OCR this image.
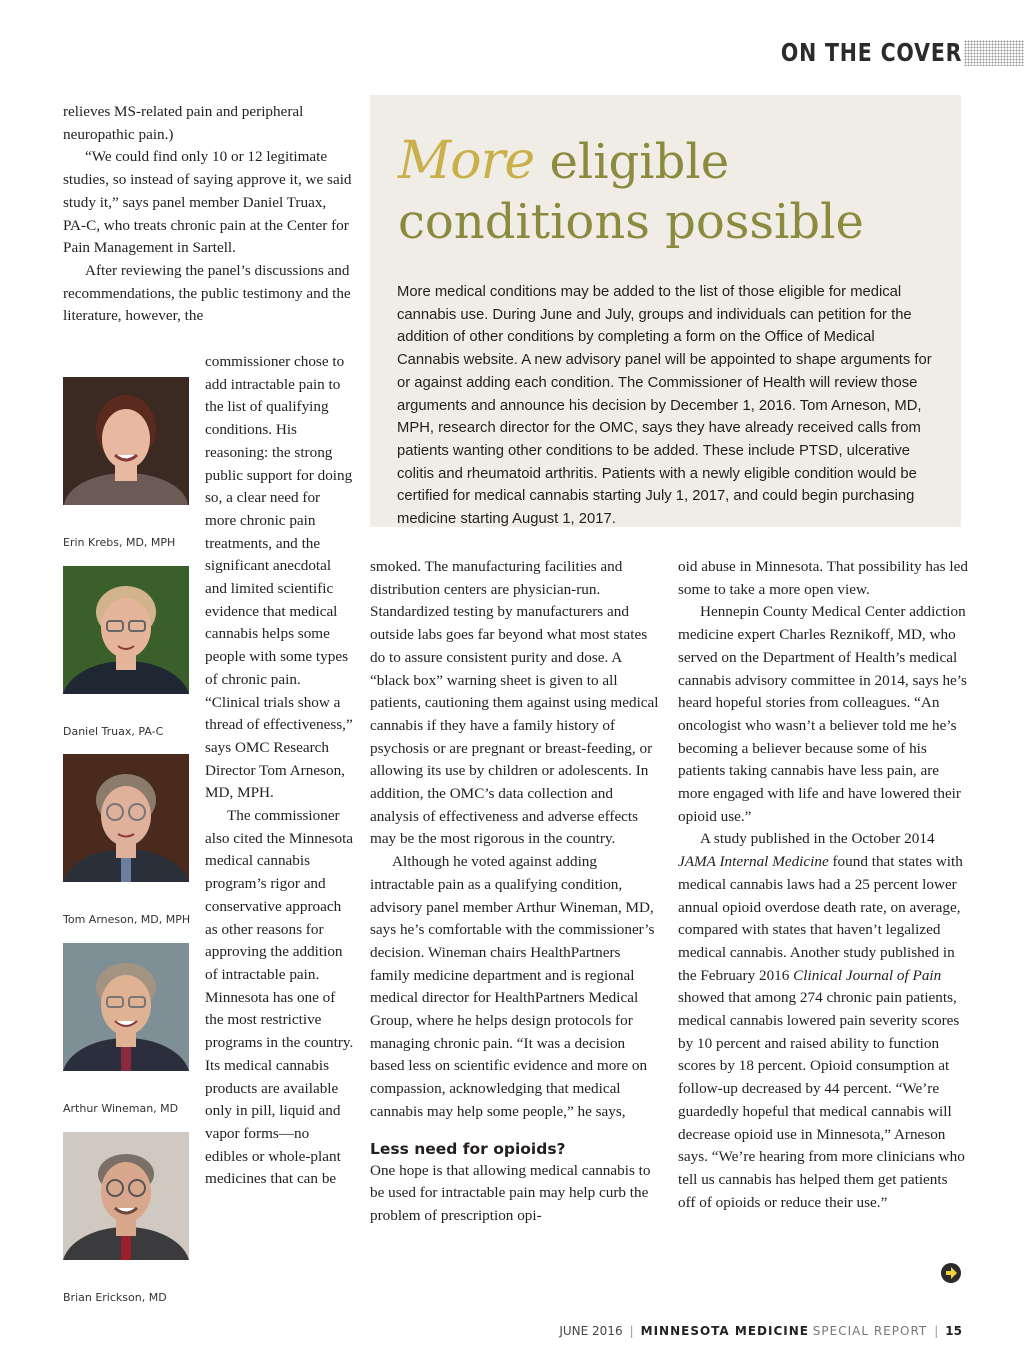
ON THE COVER

relieves MS-related pain and peripheral neuropathic pain.)

“We could find only 10 or 12 legitimate studies, so instead of saying approve it, we said study it,” says panel member Daniel Truax, PA-C, who treats chronic pain at the Center for Pain Management in Sartell.

After reviewing the panel’s discussions and recommendations, the public testimony and the literature, however, the

commissioner chose to add intractable pain to the list of qualifying conditions. His reasoning: the strong public support for doing so, a clear need for more chronic pain treatments, and the significant anecdotal and limited scientific evidence that medical cannabis helps some people with some types of chronic pain. “Clinical trials show a thread of effectiveness,” says OMC Research Director Tom Arneson, MD, MPH.

The commissioner also cited the Minnesota medical cannabis program’s rigor and conservative approach as other reasons for approving the addition of intractable pain. Minnesota has one of the most restrictive programs in the country. Its medical cannabis products are available only in pill, liquid and vapor forms—no edibles or whole-plant medicines that can be

Erin Krebs, MD, MPH
Daniel Truax, PA-C
Tom Arneson, MD, MPH
Arthur Wineman, MD
Brian Erickson, MD
More eligible
conditions possible
More medical conditions may be added to the list of those eligible for medical cannabis use. During June and July, groups and individuals can petition for the addition of other conditions by completing a form on the Office of Medical Cannabis website. A new advisory panel will be appointed to shape arguments for or against adding each condition. The Commissioner of Health will review those arguments and announce his decision by December 1, 2016. Tom Arneson, MD, MPH, research director for the OMC, says they have already received calls from patients wanting other conditions to be added. These include PTSD, ulcerative colitis and rheumatoid arthritis. Patients with a newly eligible condition would be certified for medical cannabis starting July 1, 2017, and could begin purchasing medicine starting August 1, 2017.

smoked. The manufacturing facilities and distribution centers are physician-run. Standardized testing by manufacturers and outside labs goes far beyond what most states do to assure consistent purity and dose. A “black box” warning sheet is given to all patients, cautioning them against using medical cannabis if they have a family history of psychosis or are pregnant or breast-feeding, or allowing its use by children or adolescents. In addition, the OMC’s data collection and analysis of effectiveness and adverse effects may be the most rigorous in the country.

Although he voted against adding intractable pain as a qualifying condition, advisory panel member Arthur Wineman, MD, says he’s comfortable with the commissioner’s decision. Wineman chairs HealthPartners family medicine department and is regional medical director for HealthPartners Medical Group, where he helps design protocols for managing chronic pain. “It was a decision based less on scientific evidence and more on compassion, acknowledging that medical cannabis may help some people,” he says,

Less need for opioids?

One hope is that allowing medical cannabis to be used for intractable pain may help curb the problem of prescription opi-

oid abuse in Minnesota. That possibility has led some to take a more open view.

Hennepin County Medical Center addiction medicine expert Charles Reznikoff, MD, who served on the Department of Health’s medical cannabis advisory committee in 2014, says he’s heard hopeful stories from colleagues. “An oncologist who wasn’t a believer told me he’s becoming a believer because some of his patients taking cannabis have less pain, are more engaged with life and have lowered their opioid use.”

A study published in the October 2014 JAMA Internal Medicine found that states with medical cannabis laws had a 25 percent lower annual opioid overdose death rate, on average, compared with states that haven’t legalized medical cannabis. Another study published in the February 2016 Clinical Journal of Pain showed that among 274 chronic pain patients, medical cannabis lowered pain severity scores by 10 percent and raised ability to function scores by 18 percent. Opioid consumption at follow-up decreased by 44 percent. “We’re guardedly hopeful that medical cannabis will decrease opioid use in Minnesota,” Arneson says. “We’re hearing from more clinicians who tell us cannabis has helped them get patients off of opioids or reduce their use.”

JUNE 2016 | MINNESOTA MEDICINE SPECIAL REPORT | 15
